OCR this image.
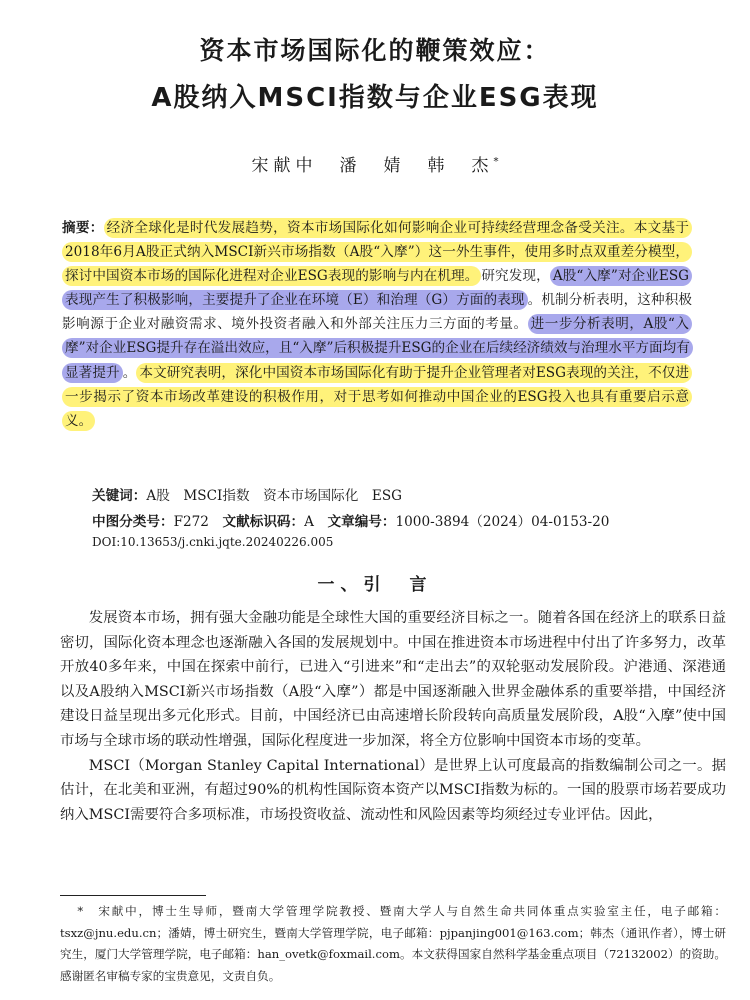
资本市场国际化的鞭策效应：
A股纳入MSCI指数与企业ESG表现
宋献中　潘　婧　韩　杰*
摘要： 经济全球化是时代发展趋势，资本市场国际化如何影响企业可持续经营理念备受关注。本文基于2018年6月A股正式纳入MSCI新兴市场指数（A股“入摩”）这一外生事件，使用多时点双重差分模型，探讨中国资本市场的国际化进程对企业ESG表现的影响与内在机理。 研究发现， A股“入摩”对企业ESG表现产生了积极影响，主要提升了企业在环境（E）和治理（G）方面的表现 。机制分析表明，这种积极影响源于企业对融资需求、境外投资者融入和外部关注压力三方面的考量。 进一步分析表明，A股“入摩”对企业ESG提升存在溢出效应，且“入摩”后积极提升ESG的企业在后续经济绩效与治理水平方面均有显著提升 。 本文研究表明，深化中国资本市场国际化有助于提升企业管理者对ESG表现的关注，不仅进一步揭示了资本市场改革建设的积极作用，对于思考如何推动中国企业的ESG投入也具有重要启示意义。
关键词：A股　MSCI指数　资本市场国际化　ESG
中图分类号：F272  文献标识码：A  文章编号：1000-3894（2024）04-0153-20
DOI:10.13653/j.cnki.jqte.20240226.005
一、引　言

发展资本市场，拥有强大金融功能是全球性大国的重要经济目标之一。随着各国在经济上的联系日益密切，国际化资本理念也逐渐融入各国的发展规划中。中国在推进资本市场进程中付出了许多努力，改革开放40多年来，中国在探索中前行，已进入“引进来”和“走出去”的双轮驱动发展阶段。沪港通、深港通以及A股纳入MSCI新兴市场指数（A股“入摩”）都是中国逐渐融入世界金融体系的重要举措，中国经济建设日益呈现出多元化形式。目前，中国经济已由高速增长阶段转向高质量发展阶段，A股“入摩”使中国市场与全球市场的联动性增强，国际化程度进一步加深，将全方位影响中国资本市场的变革。

MSCI（Morgan Stanley Capital International）是世界上认可度最高的指数编制公司之一。据估计，在北美和亚洲，有超过90%的机构性国际资本资产以MSCI指数为标的。一国的股票市场若要成功纳入MSCI需要符合多项标准，市场投资收益、流动性和风险因素等均须经过专业评估。因此，

*　宋献中，博士生导师，暨南大学管理学院教授、暨南大学人与自然生命共同体重点实验室主任，电子邮箱：tsxz@jnu.edu.cn；潘婧，博士研究生，暨南大学管理学院，电子邮箱：pjpanjing001@163.com；韩杰（通讯作者），博士研究生，厦门大学管理学院，电子邮箱：han_ovetk@foxmail.com。本文获得国家自然科学基金重点项目（72132002）的资助。感谢匿名审稿专家的宝贵意见，文责自负。
